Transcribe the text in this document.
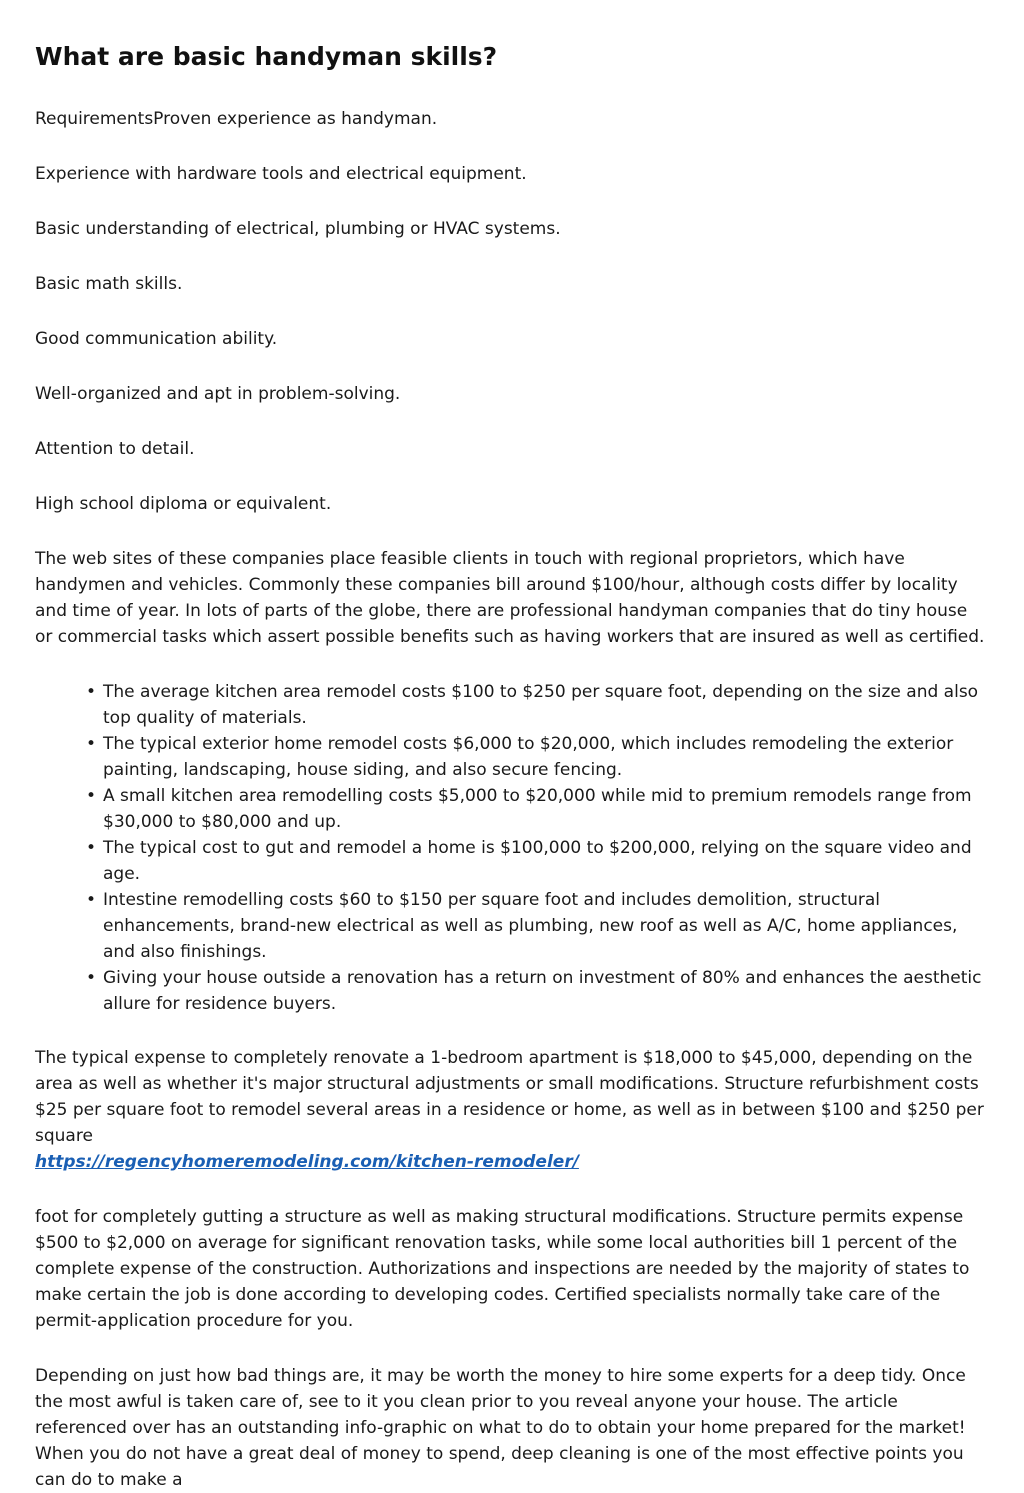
What are basic handyman skills?

RequirementsProven experience as handyman.

Experience with hardware tools and electrical equipment.

Basic understanding of electrical, plumbing or HVAC systems.

Basic math skills.

Good communication ability.

Well-organized and apt in problem-solving.

Attention to detail.

High school diploma or equivalent.

The web sites of these companies place feasible clients in touch with regional proprietors, which have handymen and vehicles. Commonly these companies bill around $100/hour, although costs differ by locality and time of year. In lots of parts of the globe, there are professional handyman companies that do tiny house or commercial tasks which assert possible benefits such as having workers that are insured as well as certified.

• The average kitchen area remodel costs $100 to $250 per square foot, depending on the size and also top quality of materials.
• The typical exterior home remodel costs $6,000 to $20,000, which includes remodeling the exterior painting, landscaping, house siding, and also secure fencing.
• A small kitchen area remodelling costs $5,000 to $20,000 while mid to premium remodels range from $30,000 to $80,000 and up.
• The typical cost to gut and remodel a home is $100,000 to $200,000, relying on the square video and age.
• Intestine remodelling costs $60 to $150 per square foot and includes demolition, structural enhancements, brand-new electrical as well as plumbing, new roof as well as A/C, home appliances, and also finishings.
• Giving your house outside a renovation has a return on investment of 80% and enhances the aesthetic allure for residence buyers.

The typical expense to completely renovate a 1-bedroom apartment is $18,000 to $45,000, depending on the area as well as whether it's major structural adjustments or small modifications. Structure refurbishment costs $25 per square foot to remodel several areas in a residence or home, as well as in between $100 and $250 per square
https://regencyhomeremodeling.com/kitchen-remodeler/

foot for completely gutting a structure as well as making structural modifications. Structure permits expense $500 to $2,000 on average for significant renovation tasks, while some local authorities bill 1 percent of the complete expense of the construction. Authorizations and inspections are needed by the majority of states to make certain the job is done according to developing codes. Certified specialists normally take care of the permit-application procedure for you.

Depending on just how bad things are, it may be worth the money to hire some experts for a deep tidy. Once the most awful is taken care of, see to it you clean prior to you reveal anyone your house. The article referenced over has an outstanding info-graphic on what to do to obtain your home prepared for the market! When you do not have a great deal of money to spend, deep cleaning is one of the most effective points you can do to make a
